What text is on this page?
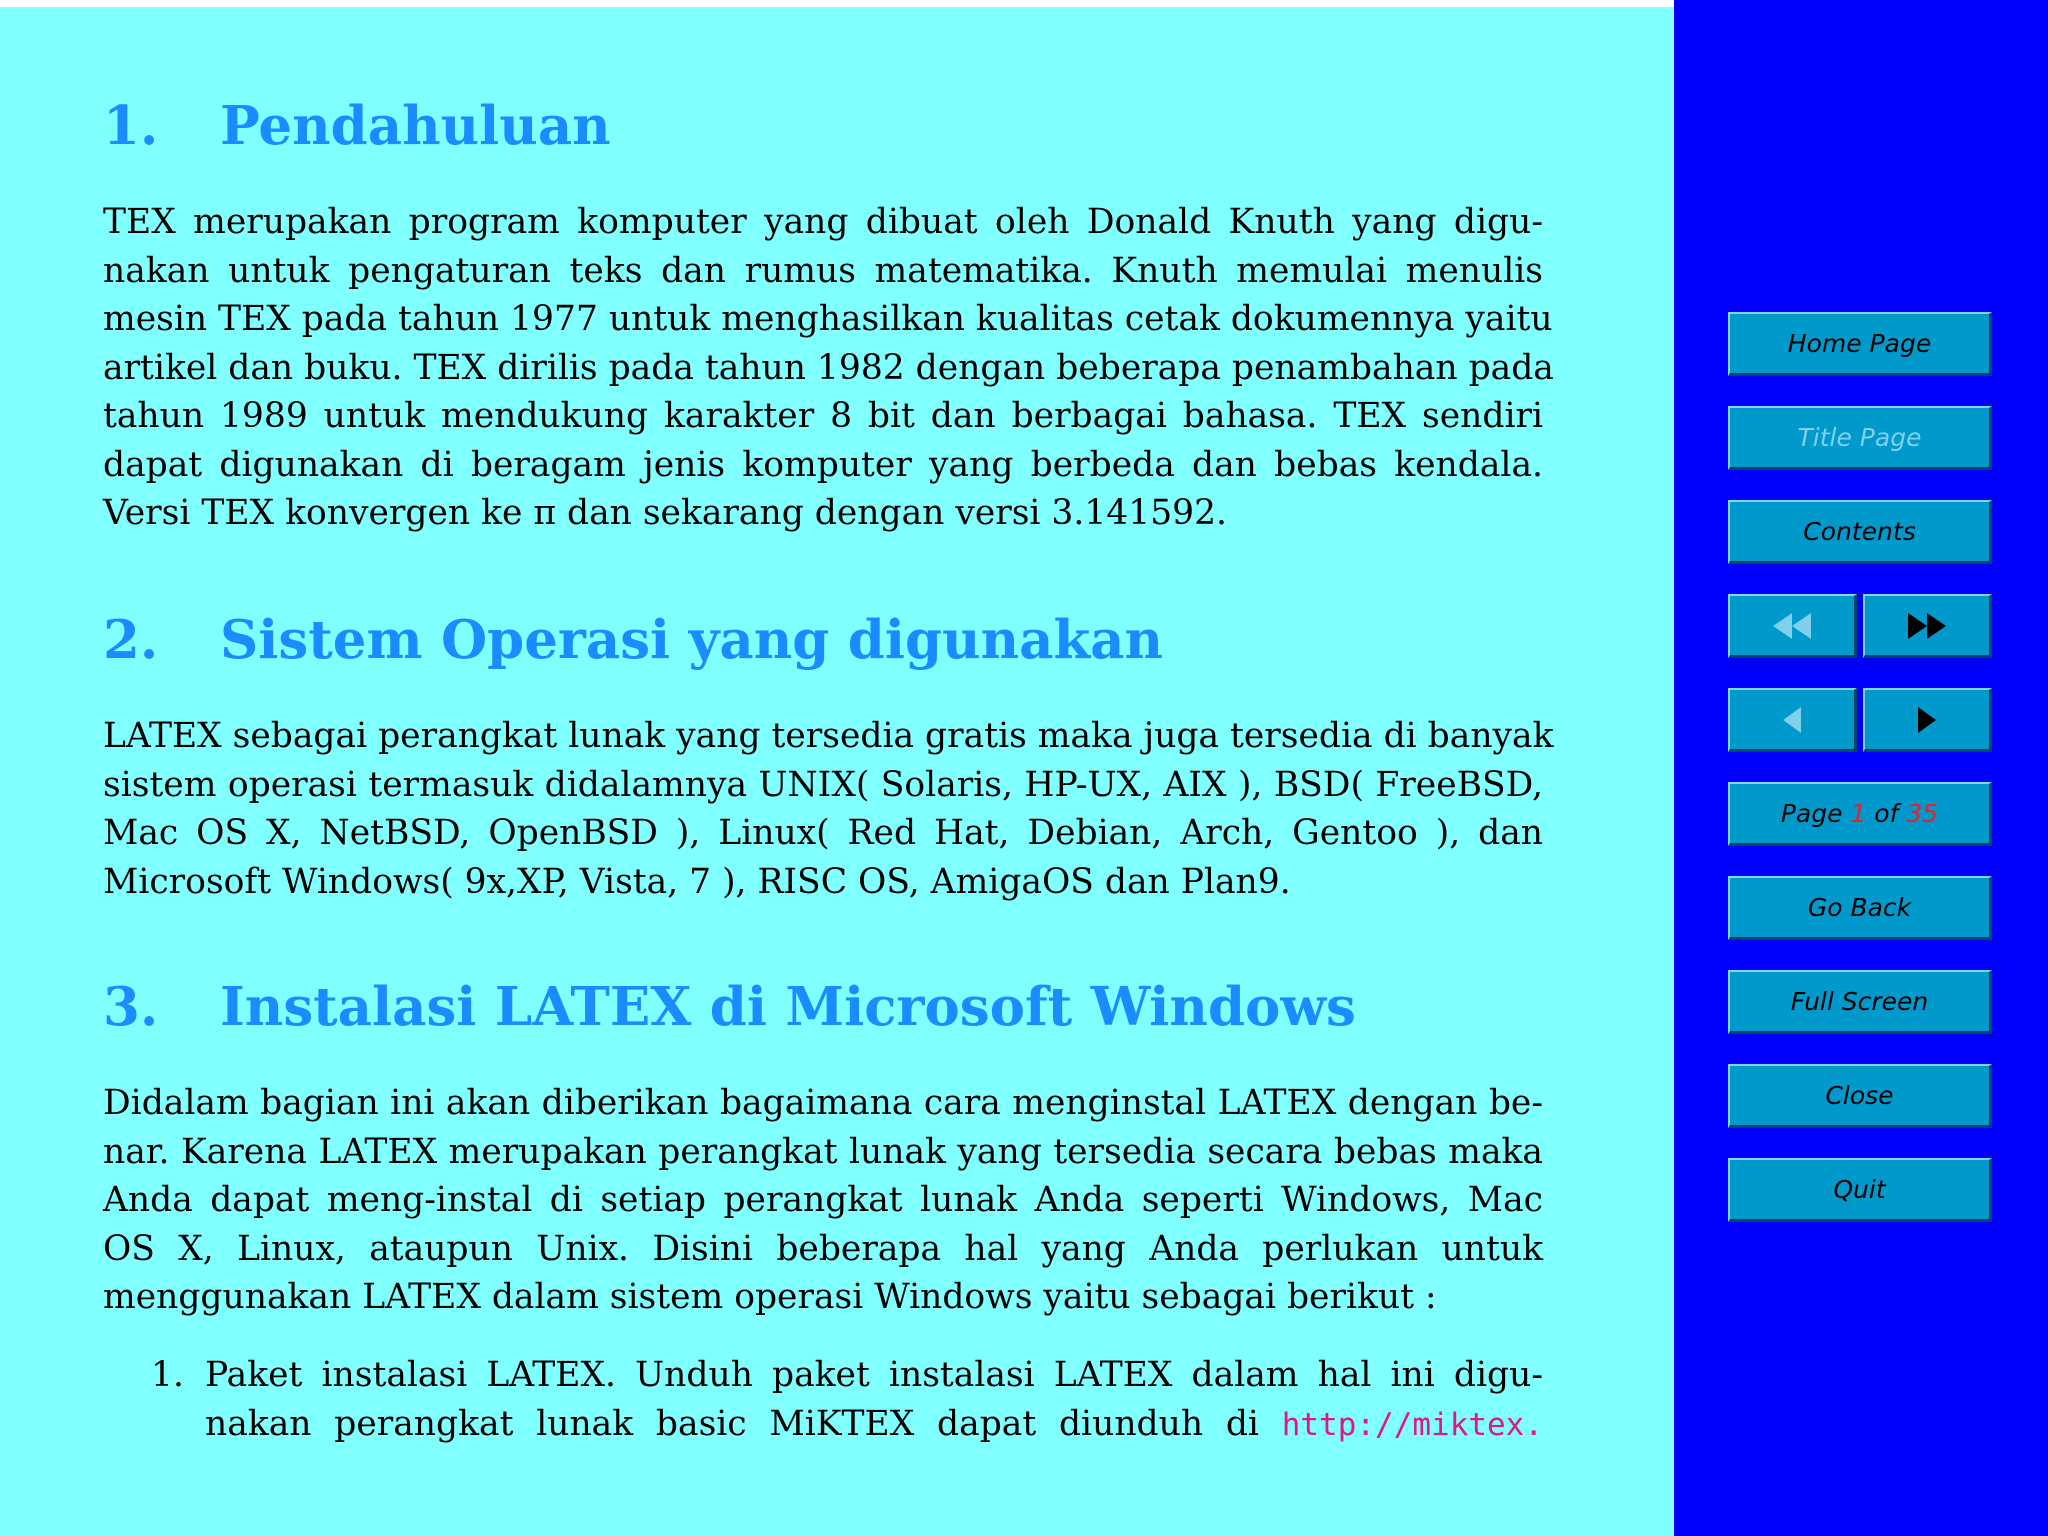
1. Pendahuluan
TEX merupakan program komputer yang dibuat oleh Donald Knuth yang digu-
nakan untuk pengaturan teks dan rumus matematika. Knuth memulai menulis
mesin TEX pada tahun 1977 untuk menghasilkan kualitas cetak dokumennya yaitu
artikel dan buku. TEX dirilis pada tahun 1982 dengan beberapa penambahan pada
tahun 1989 untuk mendukung karakter 8 bit dan berbagai bahasa. TEX sendiri
dapat digunakan di beragam jenis komputer yang berbeda dan bebas kendala.
Versi TEX konvergen ke π dan sekarang dengan versi 3.141592.
2. Sistem Operasi yang digunakan
LATEX sebagai perangkat lunak yang tersedia gratis maka juga tersedia di banyak
sistem operasi termasuk didalamnya UNIX( Solaris, HP-UX, AIX ), BSD( FreeBSD,
Mac OS X, NetBSD, OpenBSD ), Linux( Red Hat, Debian, Arch, Gentoo ), dan
Microsoft Windows( 9x,XP, Vista, 7 ), RISC OS, AmigaOS dan Plan9.
3. Instalasi LATEX di Microsoft Windows
Didalam bagian ini akan diberikan bagaimana cara menginstal LATEX dengan be-
nar. Karena LATEX merupakan perangkat lunak yang tersedia secara bebas maka
Anda dapat meng-instal di setiap perangkat lunak Anda seperti Windows, Mac
OS X, Linux, ataupun Unix. Disini beberapa hal yang Anda perlukan untuk
menggunakan LATEX dalam sistem operasi Windows yaitu sebagai berikut :
1. Paket instalasi LATEX. Unduh paket instalasi LATEX dalam hal ini digu-
nakan perangkat lunak basic MiKTEX dapat diunduh di http://miktex.
Home Page
Title Page
Contents
Page 1 of 35
Go Back
Full Screen
Close
Quit
